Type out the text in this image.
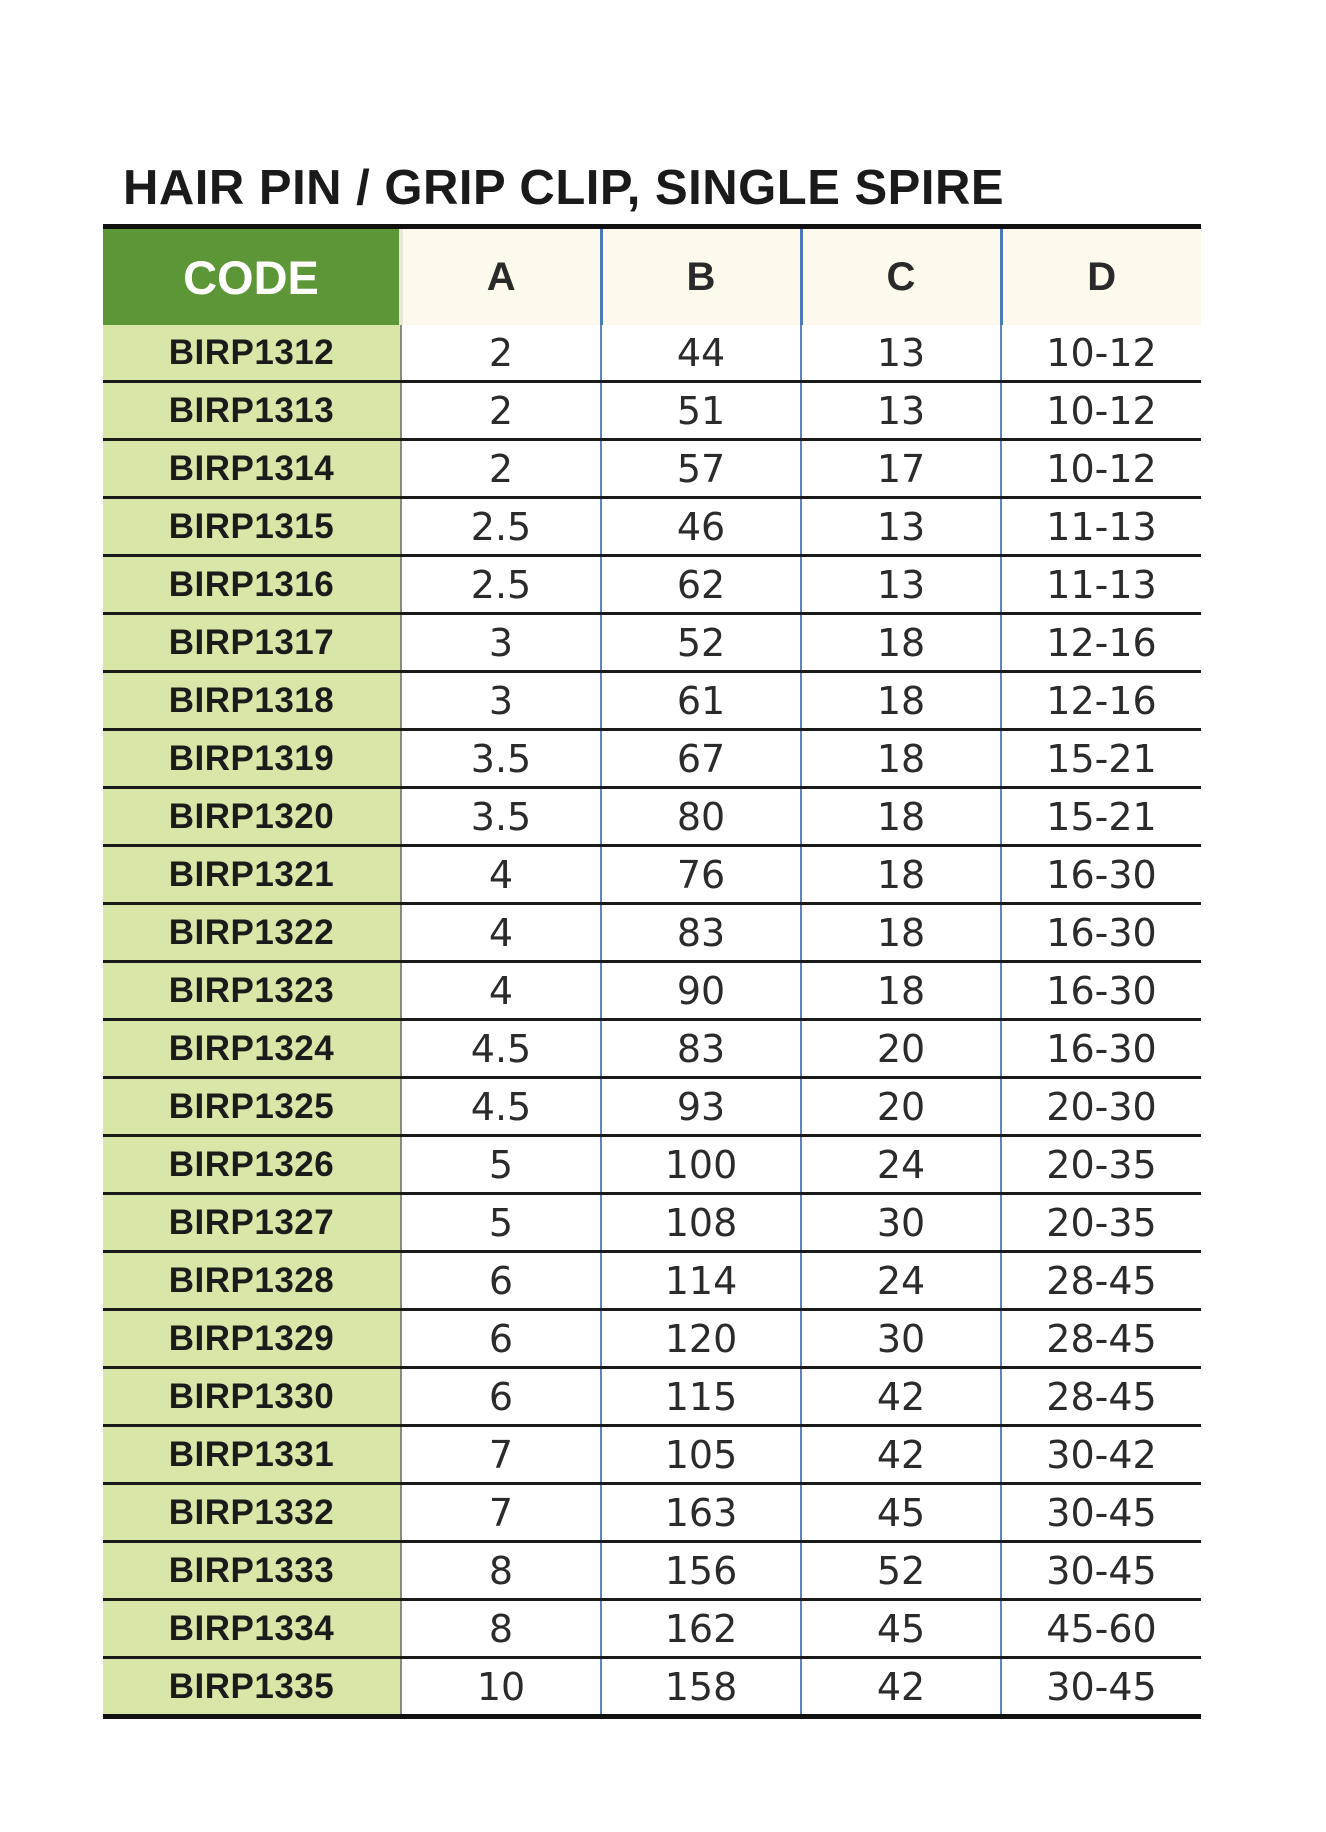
HAIR PIN / GRIP CLIP, SINGLE SPIRE
CODE	A	B	C	D
BIRP1312	2	44	13	10-12
BIRP1313	2	51	13	10-12
BIRP1314	2	57	17	10-12
BIRP1315	2.5	46	13	11-13
BIRP1316	2.5	62	13	11-13
BIRP1317	3	52	18	12-16
BIRP1318	3	61	18	12-16
BIRP1319	3.5	67	18	15-21
BIRP1320	3.5	80	18	15-21
BIRP1321	4	76	18	16-30
BIRP1322	4	83	18	16-30
BIRP1323	4	90	18	16-30
BIRP1324	4.5	83	20	16-30
BIRP1325	4.5	93	20	20-30
BIRP1326	5	100	24	20-35
BIRP1327	5	108	30	20-35
BIRP1328	6	114	24	28-45
BIRP1329	6	120	30	28-45
BIRP1330	6	115	42	28-45
BIRP1331	7	105	42	30-42
BIRP1332	7	163	45	30-45
BIRP1333	8	156	52	30-45
BIRP1334	8	162	45	45-60
BIRP1335	10	158	42	30-45
